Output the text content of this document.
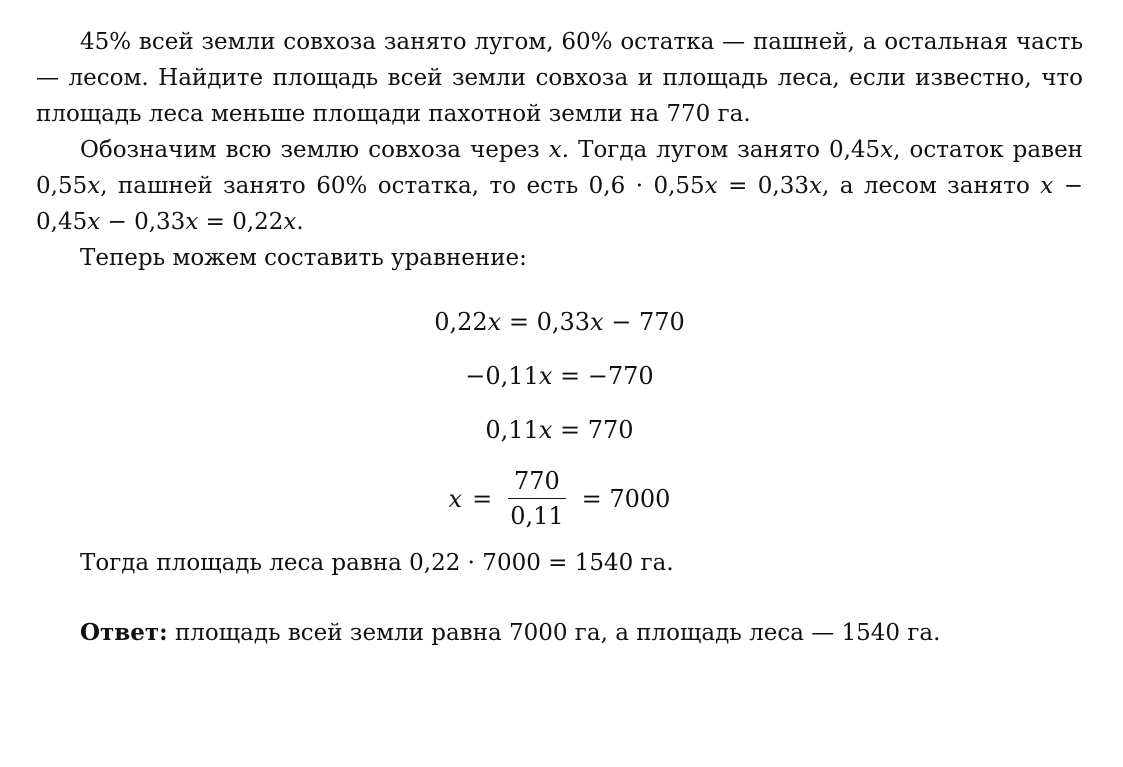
45% всей земли совхоза занято лугом, 60% остатка — пашней, а остальная часть — лесом. Найдите площадь всей земли совхоза и площадь леса, если известно, что площадь леса меньше площади пахотной земли на 770 га.

Обозначим всю землю совхоза через x. Тогда лугом занято 0,45x, остаток равен 0,55x, пашней занято 60% остатка, то есть 0,6 · 0,55x = 0,33x, а лесом занято x − 0,45x − 0,33x = 0,22x.

Теперь можем составить уравнение:

0,22x = 0,33x − 770
−0,11x = −770
0,11x = 770
$x = \frac{770}{0,11} = 7000$

Тогда площадь леса равна 0,22 · 7000 = 1540 га.

Ответ: площадь всей земли равна 7000 га, а площадь леса — 1540 га.
